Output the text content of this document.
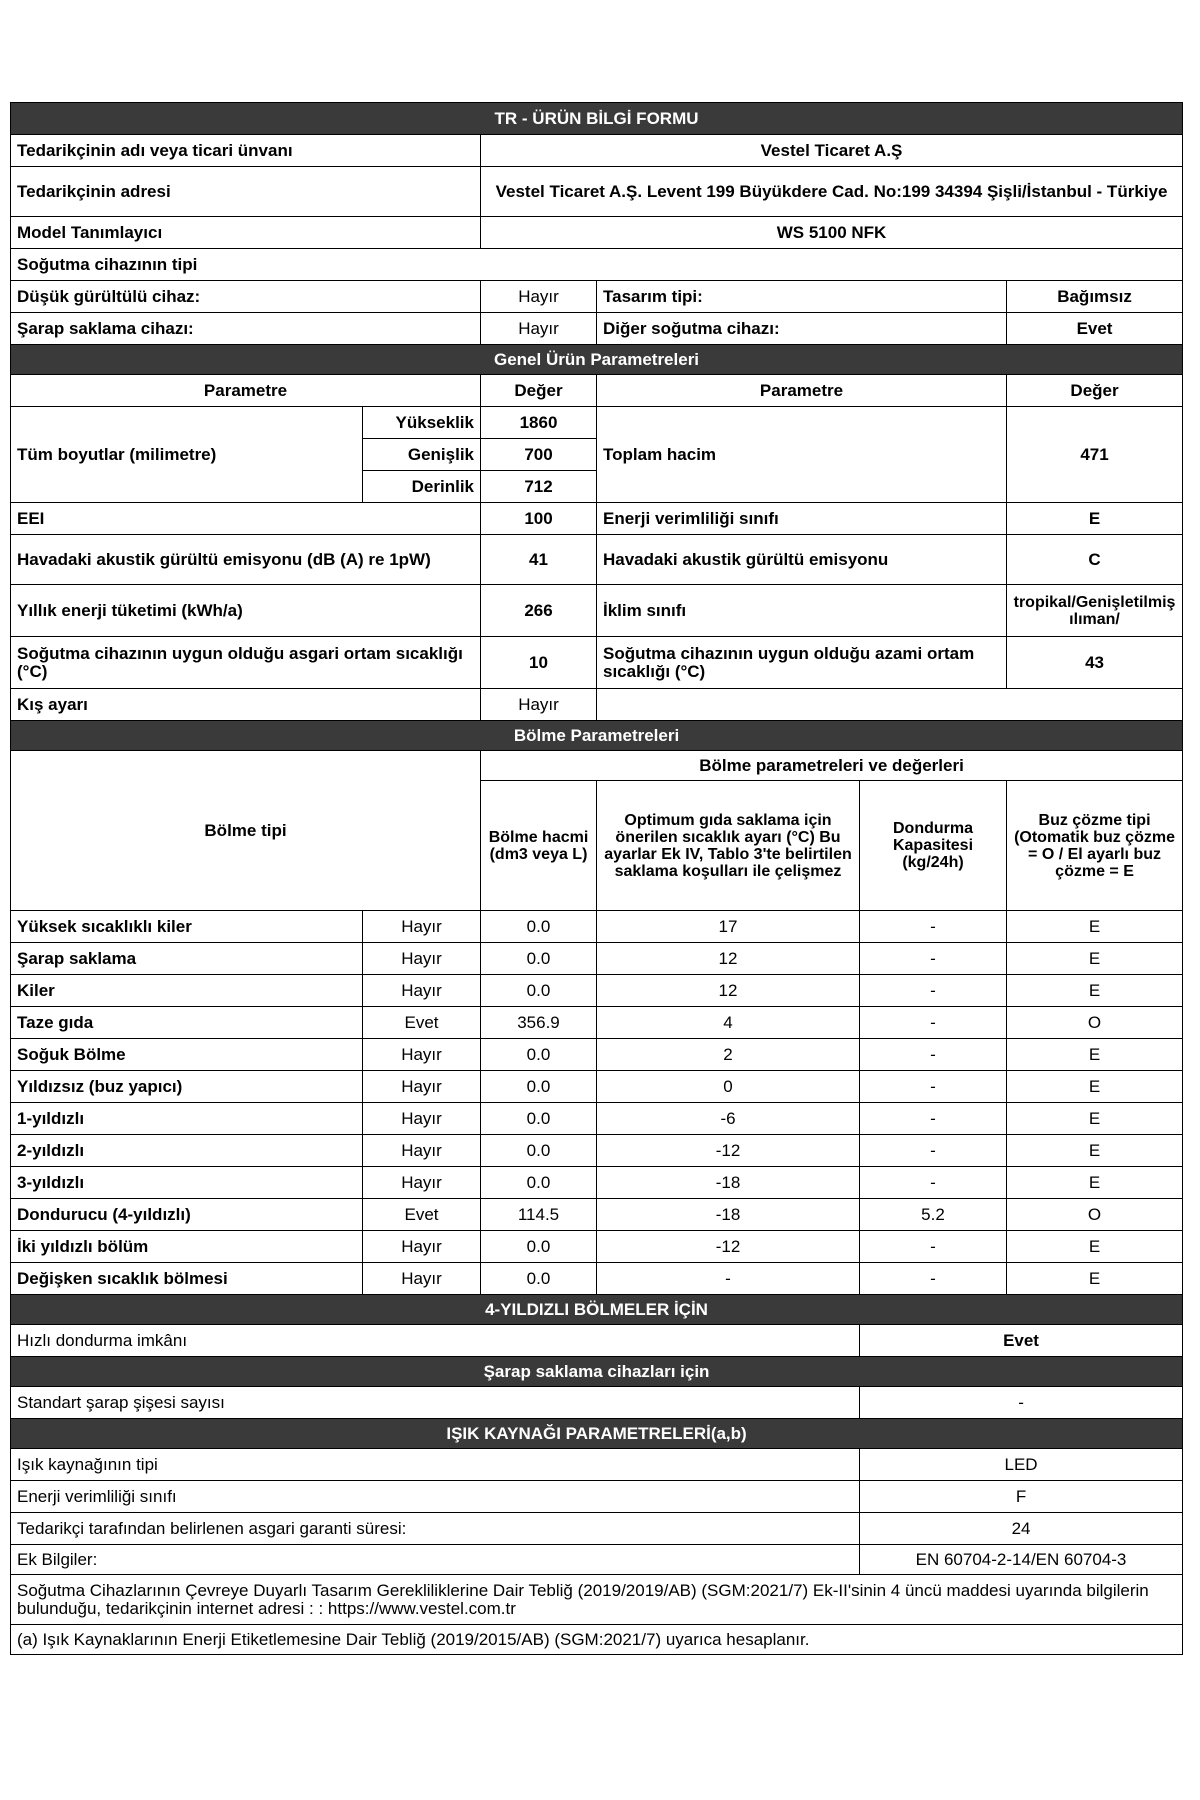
TR - ÜRÜN BİLGİ FORMU					
Tedarikçinin adı veya ticari ünvanı		Vestel Ticaret A.Ş			
Tedarikçinin adresi		Vestel Ticaret A.Ş. Levent 199 Büyükdere Cad. No:199 34394 Şişli/İstanbul - Türkiye			
Model Tanımlayıcı		WS 5100 NFK			
Soğutma cihazının tipi					
Düşük gürültülü cihaz:		Hayır	Tasarım tipi:		Bağımsız
Şarap saklama cihazı:		Hayır	Diğer soğutma cihazı:		Evet
Genel Ürün Parametreleri					
Parametre		Değer	Parametre		Değer
Tüm boyutlar (milimetre)	Yükseklik	1860	Toplam hacim		471
	Genişlik	700			
	Derinlik	712			
EEI		100	Enerji verimliliği sınıfı		E
Havadaki akustik gürültü emisyonu (dB (A) re 1pW)		41	Havadaki akustik gürültü emisyonu		C
Yıllık enerji tüketimi (kWh/a)		266	İklim sınıfı		tropikal/Genişletilmiş ılıman/
Soğutma cihazının uygun olduğu asgari ortam sıcaklığı (°C)		10	Soğutma cihazının uygun olduğu azami ortam sıcaklığı (°C)		43
Kış ayarı		Hayır			
Bölme Parametreleri					
Bölme tipi		Bölme parametreleri ve değerleri			
		Bölme hacmi (dm3 veya L)	Optimum gıda saklama için önerilen sıcaklık ayarı (°C) Bu ayarlar Ek IV, Tablo 3'te belirtilen saklama koşulları ile çelişmez	Dondurma Kapasitesi (kg/24h)	Buz çözme tipi (Otomatik buz çözme = O / El ayarlı buz çözme = E
Yüksek sıcaklıklı kiler	Hayır	0.0	17	-	E
Şarap saklama	Hayır	0.0	12	-	E
Kiler	Hayır	0.0	12	-	E
Taze gıda	Evet	356.9	4	-	O
Soğuk Bölme	Hayır	0.0	2	-	E
Yıldızsız (buz yapıcı)	Hayır	0.0	0	-	E
1-yıldızlı	Hayır	0.0	-6	-	E
2-yıldızlı	Hayır	0.0	-12	-	E
3-yıldızlı	Hayır	0.0	-18	-	E
Dondurucu (4-yıldızlı)	Evet	114.5	-18	5.2	O
İki yıldızlı bölüm	Hayır	0.0	-12	-	E
Değişken sıcaklık bölmesi	Hayır	0.0	-	-	E
4-YILDIZLI BÖLMELER İÇİN					
Hızlı dondurma imkânı				Evet	
Şarap saklama cihazları için					
Standart şarap şişesi sayısı				-	
IŞIK KAYNAĞI PARAMETRELERİ(a,b)					
Işık kaynağının tipi				LED	
Enerji verimliliği sınıfı				F	
Tedarikçi tarafından belirlenen asgari garanti süresi:				24	
Ek Bilgiler:				EN 60704-2-14/EN 60704-3	
Soğutma Cihazlarının Çevreye Duyarlı Tasarım Gerekliliklerine Dair Tebliğ (2019/2019/AB) (SGM:2021/7) Ek-II'sinin 4 üncü maddesi uyarında bilgilerin bulunduğu, tedarikçinin internet adresi : : https://www.vestel.com.tr					
(a) Işık Kaynaklarının Enerji Etiketlemesine Dair Tebliğ (2019/2015/AB) (SGM:2021/7) uyarıca hesaplanır.					
